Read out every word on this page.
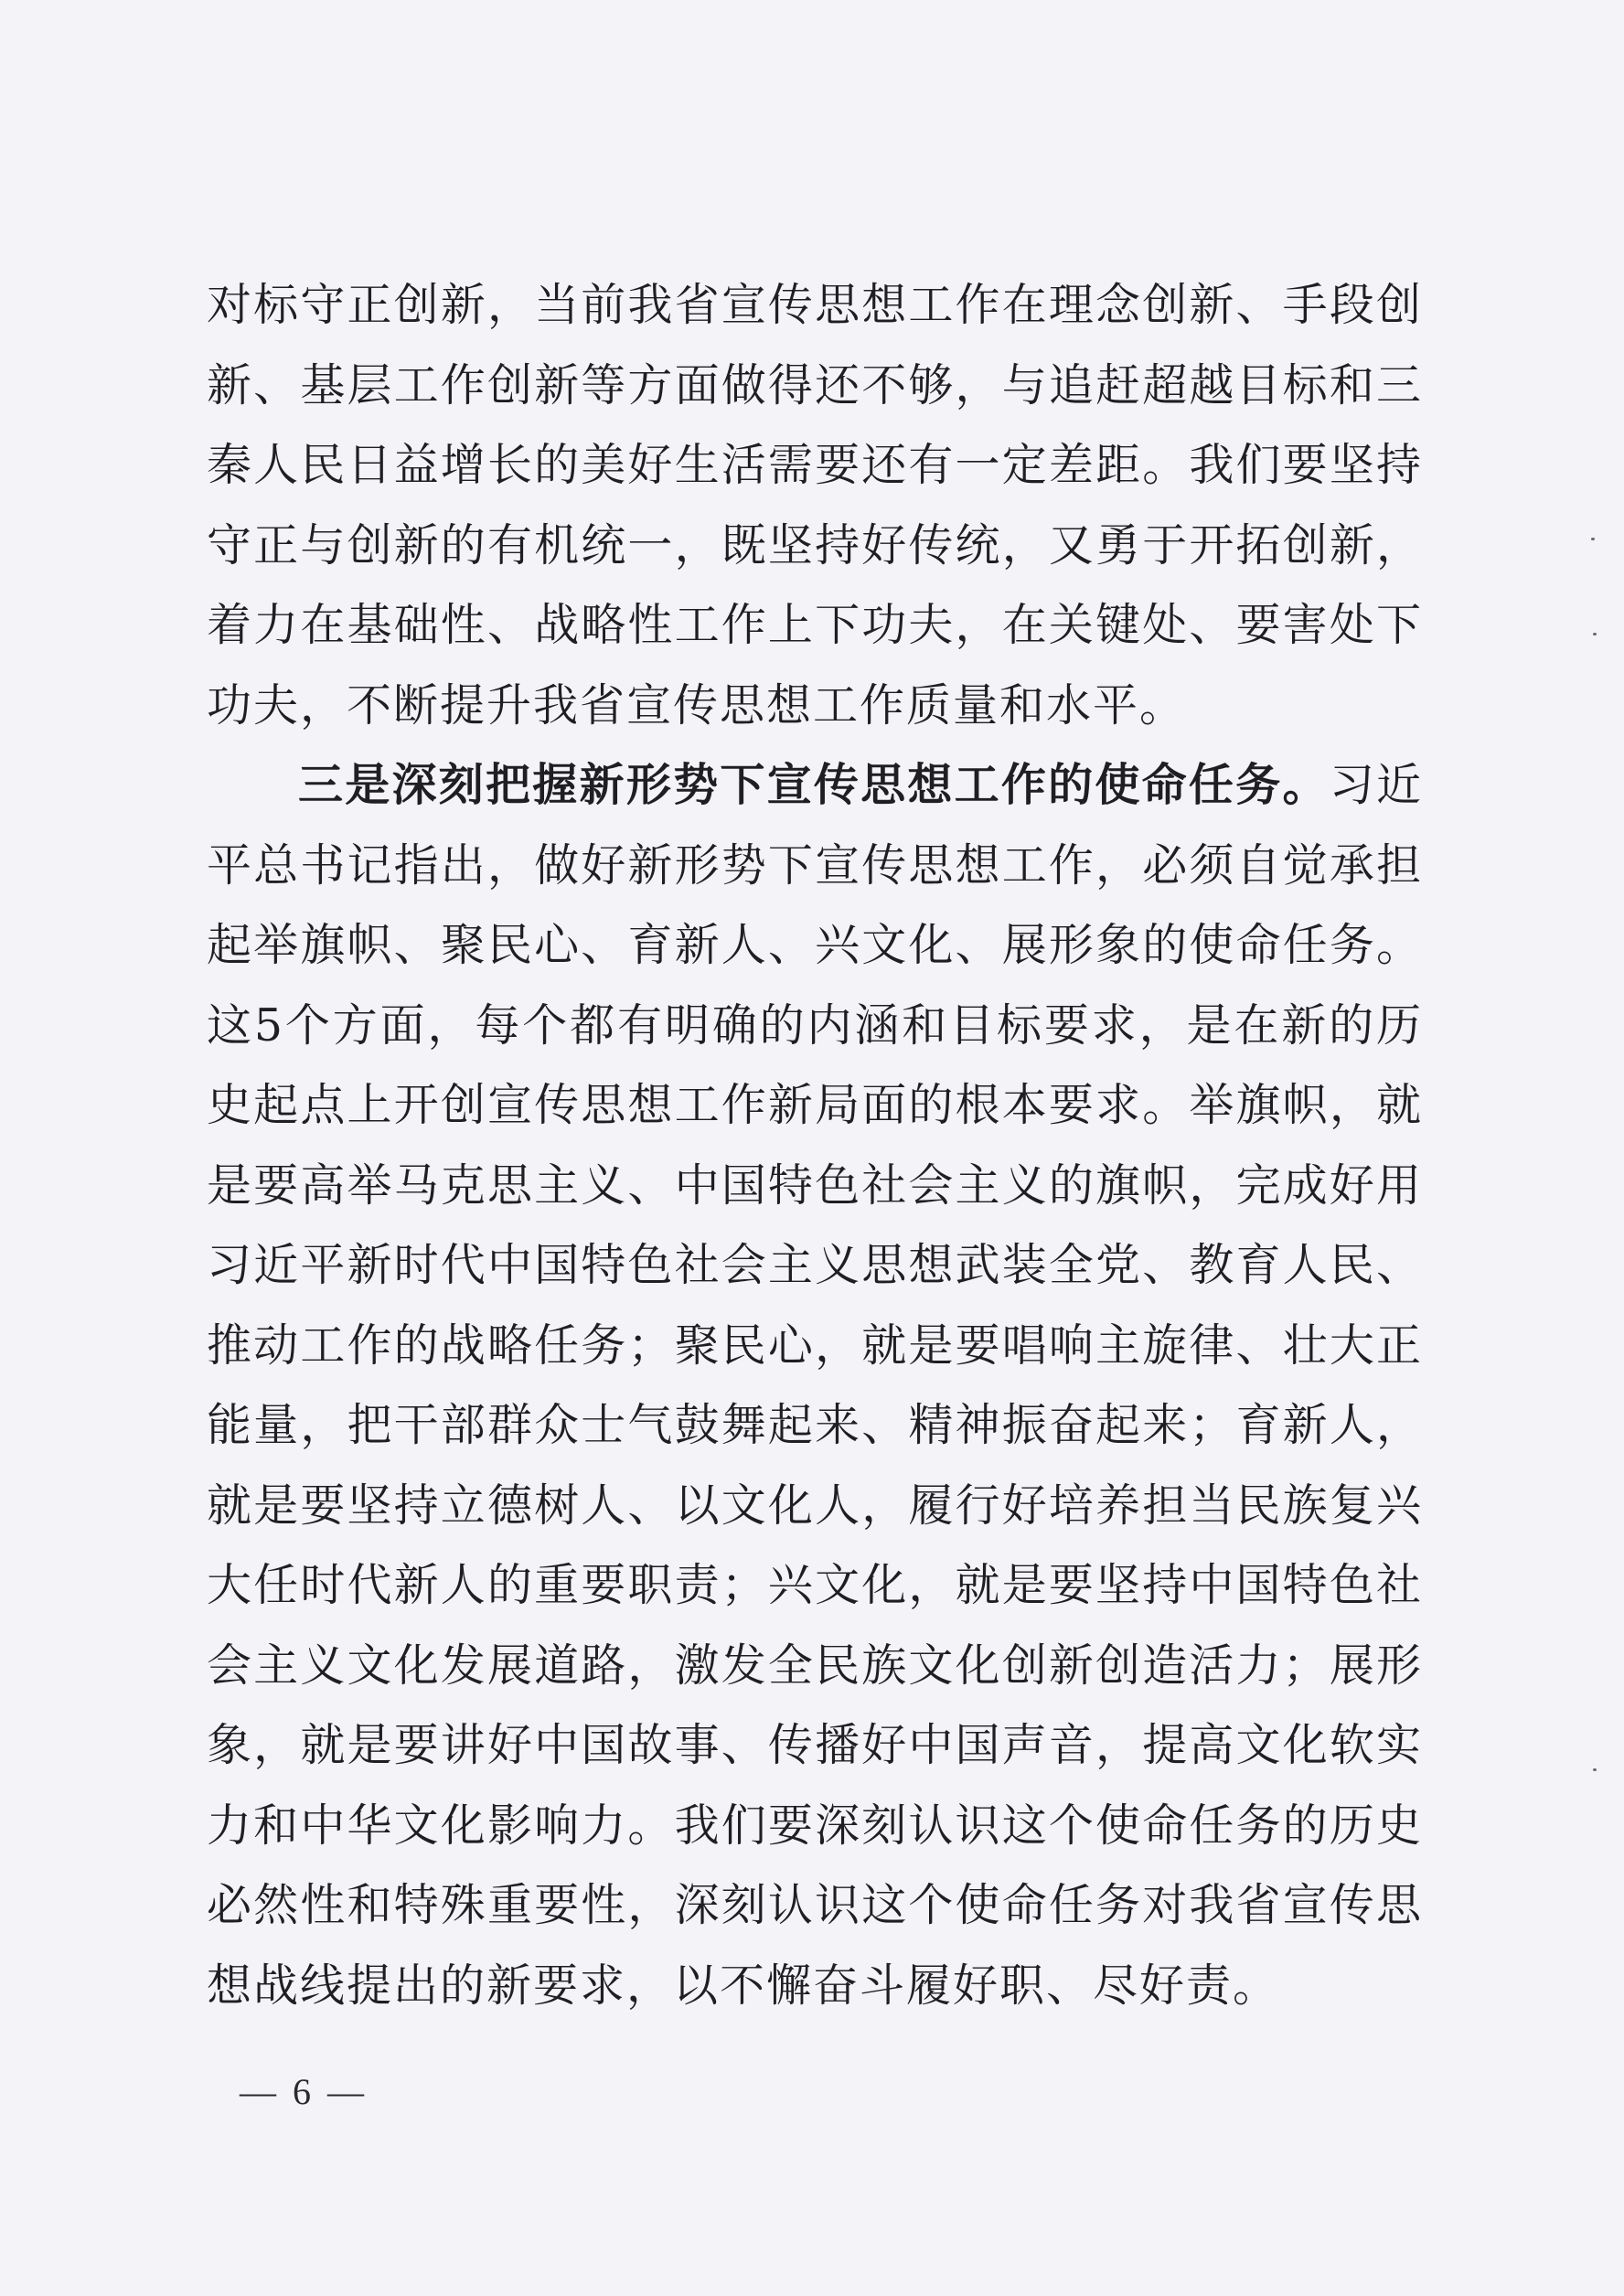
对标守正创新，当前我省宣传思想工作在理念创新、手段创新、基层工作创新等方面做得还不够，与追赶超越目标和三秦人民日益增长的美好生活需要还有一定差距。我们要坚持守正与创新的有机统一，既坚持好传统，又勇于开拓创新，着力在基础性、战略性工作上下功夫，在关键处、要害处下功夫，不断提升我省宣传思想工作质量和水平。

三是深刻把握新形势下宣传思想工作的使命任务。习近平总书记指出，做好新形势下宣传思想工作，必须自觉承担起举旗帜、聚民心、育新人、兴文化、展形象的使命任务。这5个方面，每个都有明确的内涵和目标要求，是在新的历史起点上开创宣传思想工作新局面的根本要求。举旗帜，就是要高举马克思主义、中国特色社会主义的旗帜，完成好用习近平新时代中国特色社会主义思想武装全党、教育人民、推动工作的战略任务；聚民心，就是要唱响主旋律、壮大正能量，把干部群众士气鼓舞起来、精神振奋起来；育新人，就是要坚持立德树人、以文化人，履行好培养担当民族复兴大任时代新人的重要职责；兴文化，就是要坚持中国特色社会主义文化发展道路，激发全民族文化创新创造活力；展形象，就是要讲好中国故事、传播好中国声音，提高文化软实力和中华文化影响力。我们要深刻认识这个使命任务的历史必然性和特殊重要性，深刻认识这个使命任务对我省宣传思想战线提出的新要求，以不懈奋斗履好职、尽好责。

— 6 —
